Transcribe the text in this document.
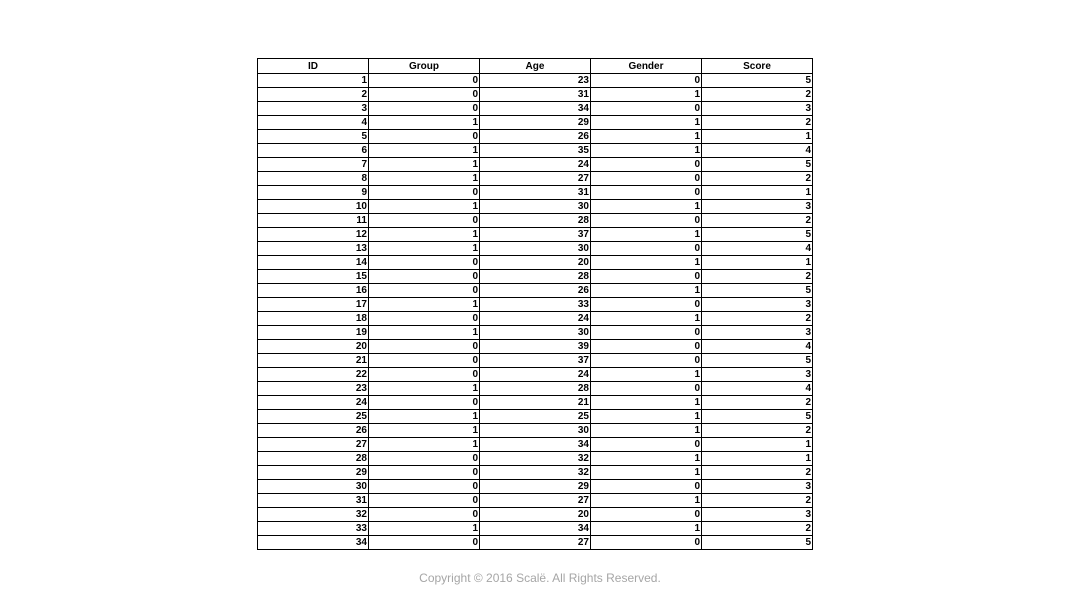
ID	Group	Age	Gender	Score
1	0	23	0	5
2	0	31	1	2
3	0	34	0	3
4	1	29	1	2
5	0	26	1	1
6	1	35	1	4
7	1	24	0	5
8	1	27	0	2
9	0	31	0	1
10	1	30	1	3
11	0	28	0	2
12	1	37	1	5
13	1	30	0	4
14	0	20	1	1
15	0	28	0	2
16	0	26	1	5
17	1	33	0	3
18	0	24	1	2
19	1	30	0	3
20	0	39	0	4
21	0	37	0	5
22	0	24	1	3
23	1	28	0	4
24	0	21	1	2
25	1	25	1	5
26	1	30	1	2
27	1	34	0	1
28	0	32	1	1
29	0	32	1	2
30	0	29	0	3
31	0	27	1	2
32	0	20	0	3
33	1	34	1	2
34	0	27	0	5
Copyright © 2016 Scalë. All Rights Reserved.
